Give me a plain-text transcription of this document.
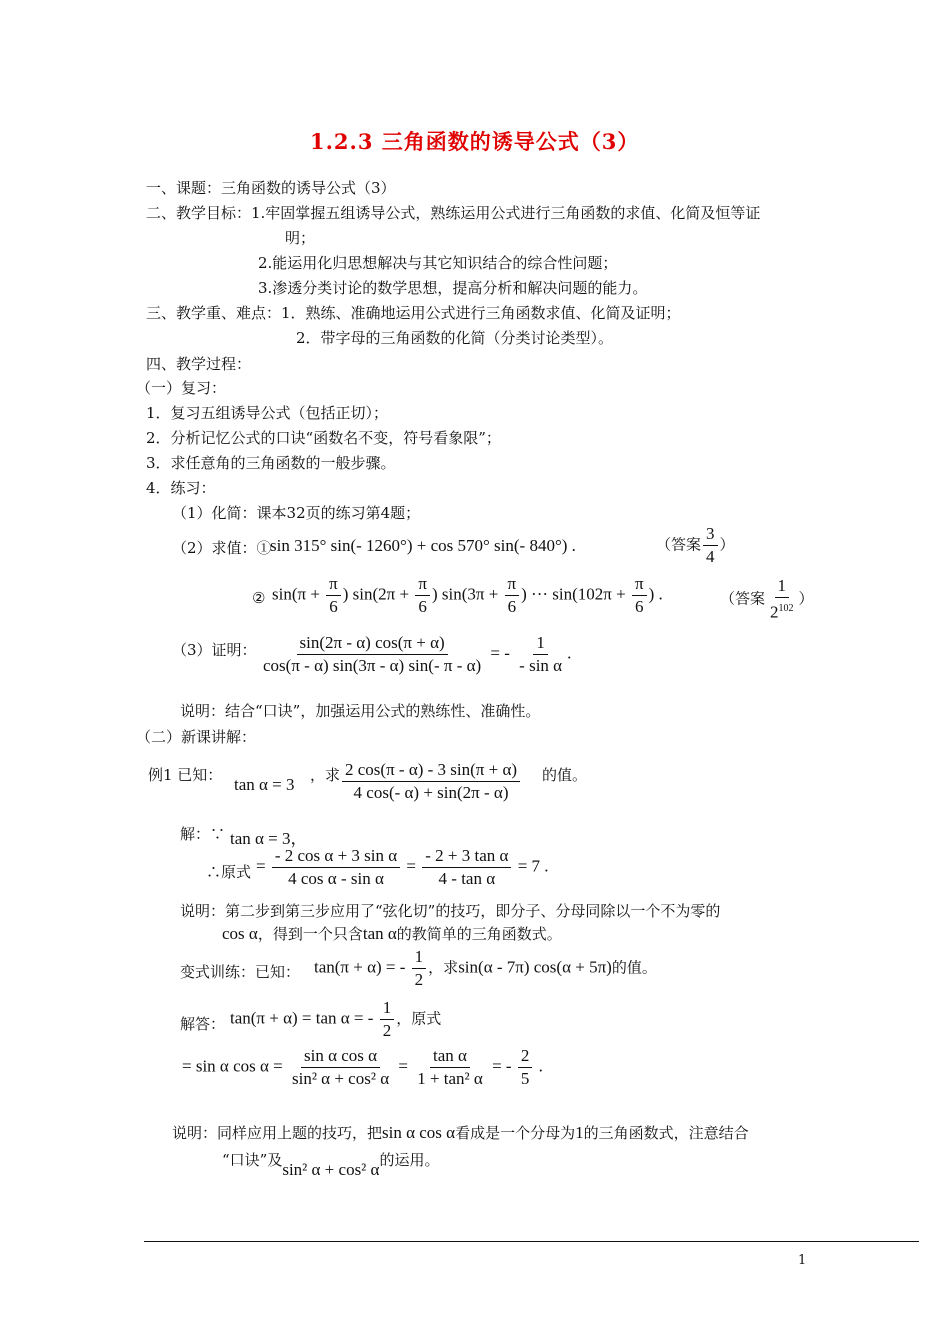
1.2.3 三角函数的诱导公式（3）
一、课题：三角函数的诱导公式（3）
二、教学目标：1.牢固掌握五组诱导公式，熟练运用公式进行三角函数的求值、化简及恒等证
明；
2.能运用化归思想解决与其它知识结合的综合性问题；
3.渗透分类讨论的数学思想，提高分析和解决问题的能力。
三、教学重、难点：1．熟练、准确地运用公式进行三角函数求值、化简及证明；
2．带字母的三角函数的化简（分类讨论类型）。
四、教学过程：
（一）复习：
1．复习五组诱导公式（包括正切）；
2．分析记忆公式的口诀“函数名不变，符号看象限”；
3．求任意角的三角函数的一般步骤。
4．练习：
（1）化简：课本32页的练习第4题；
（2）求值：①
sin 315° sin(- 1260°) + cos 570° sin(- 840°) .	（答案 $\frac{3}{4}$ ）
② $\sin(\pi + \frac{\pi}{6}$ ) $\sin(2\pi + \frac{\pi}{6}$ ) $\sin(3\pi + \frac{\pi}{6}$ ) ··· $\sin(102\pi + \frac{\pi}{6}$ ) .	（答案 $\frac{1}{2^{102}}$ ）
（3）证明： $\frac{\sin(2\pi - \alpha) \cos(\pi + \alpha)}{\cos(\pi - \alpha) \sin(3\pi - \alpha) \sin(- \pi - \alpha)}$ = - $\frac{1}{\text{- sin α}}$ .
说明：结合“口诀”，加强运用公式的熟练性、准确性。
（二）新课讲解：
例1 已知： tan α = 3 ，求 $\frac{2 \cos(\pi - \alpha) - 3 \sin(\pi + \alpha)}{4 \cos(- \alpha) + \sin(2\pi - \alpha)}$ 的值。
解：∵ tan α = 3，
∴原式 = $\frac{\text{- 2 cos α + 3 sin α}}{\text{4 cos α - sin α}} = \frac{\text{- 2 + 3 tan α}}{\text{4 - tan α}} = 7$ .
说明：第二步到第三步应用了“弦化切”的技巧，即分子、分母同除以一个不为零的
cos α，得到一个只含tan α的教简单的三角函数式。
变式训练：已知： tan(π + α) = - $\frac{1}{2}$ ，求sin(α - 7π) cos(α + 5π)的值。
解答： tan(π + α) = tan α = - $\frac{1}{2}$ ，原式
= sin α $\cos \alpha = \frac{\text{sin α cos α}}{\text{sin² α + cos² α}} = \frac{\text{tan α}}{\text{1 + tan² α}}$ = - $\frac{2}{5}$ .
说明：同样应用上题的技巧，把sin α cos α看成是一个分母为1的三角函数式，注意结合
“口诀”及sin² α + cos² α的运用。
1
